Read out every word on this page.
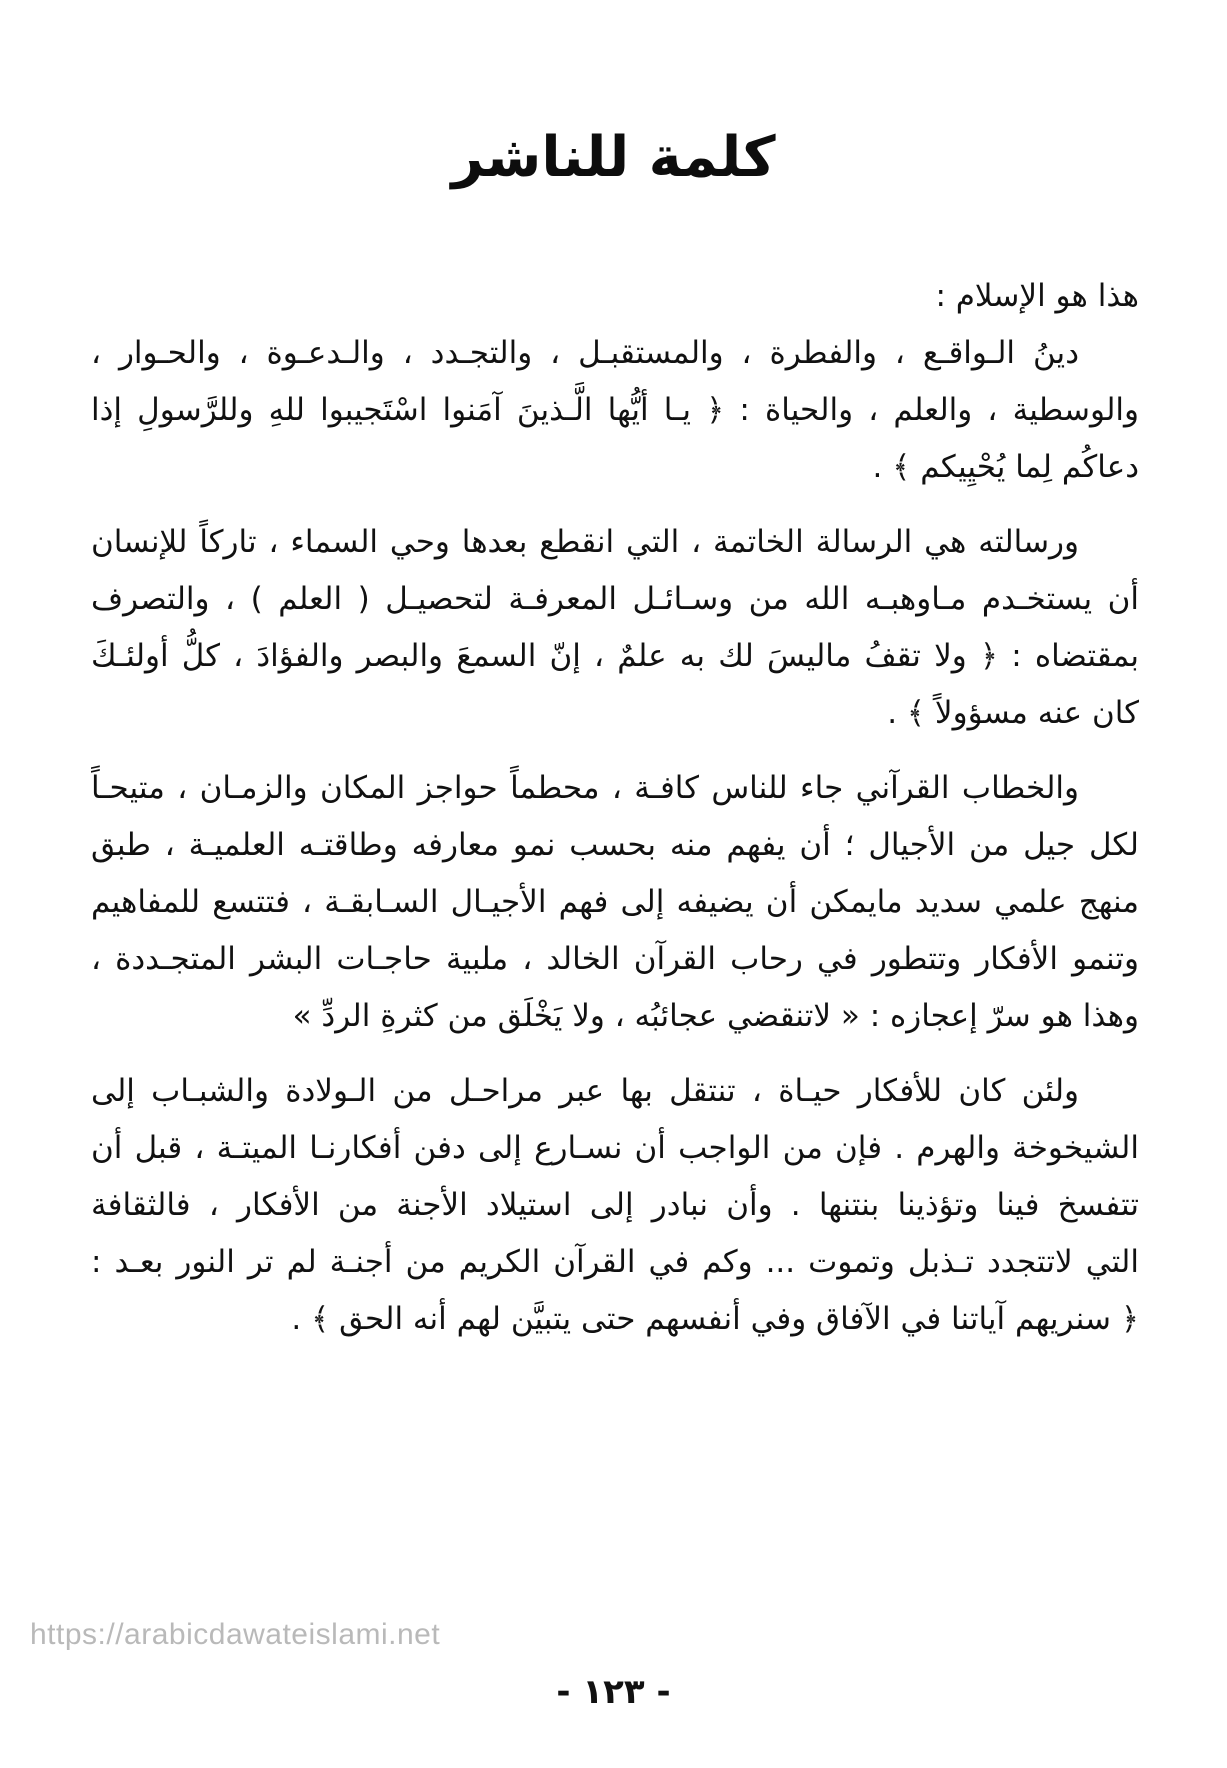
كلمة للناشر
هذا هو الإسلام :
دينُ الـواقـع ، والفطرة ، والمستقبـل ، والتجـدد ، والـدعـوة ، والحـوار ،
والوسطية ، والعلم ، والحياة : ﴿ يـا أيُّها الَّـذينَ آمَنوا اسْتَجيبوا للهِ وللرَّسولِ إذا
دعاكُم لِما يُحْيِيكم ﴾ .
ورسالته هي الرسالة الخاتمة ، التي انقطع بعدها وحي السماء ، تاركاً للإنسان
أن يستخـدم مـاوهبـه الله من وسـائـل المعرفـة لتحصيـل ( العلم ) ، والتصرف
بمقتضاه : ﴿ ولا تقفُ ماليسَ لك به علمٌ ، إنّ السمعَ والبصر والفؤادَ ، كلُّ أولئـكَ
كان عنه مسؤولاً ﴾ .
والخطاب القرآني جاء للناس كافـة ، محطماً حواجز المكان والزمـان ، متيحـاً
لكل جيل من الأجيال ؛ أن يفهم منه بحسب نمو معارفه وطاقتـه العلميـة ، طبق
منهج علمي سديد مايمكن أن يضيفه إلى فهم الأجيـال السـابقـة ، فتتسع للمفاهيم
وتنمو الأفكار وتتطور في رحاب القرآن الخالد ، ملبية حاجـات البشر المتجـددة ،
وهذا هو سرّ إعجازه : « لاتنقضي عجائبُه ، ولا يَخْلَق من كثرةِ الردِّ »
ولئن كان للأفكار حيـاة ، تنتقل بها عبر مراحـل من الـولادة والشبـاب إلى
الشيخوخة والهرم . فإن من الواجب أن نسـارع إلى دفن أفكارنـا الميتـة ، قبل أن
تتفسخ فينا وتؤذينا بنتنها . وأن نبادر إلى استيلاد الأجنة من الأفكار ، فالثقافة
التي لاتتجدد تـذبل وتموت ... وكم في القرآن الكريم من أجنـة لم تر النور بعـد :
﴿ سنريهم آياتنا في الآفاق وفي أنفسهم حتى يتبيَّن لهم أنه الحق ﴾ .
https://arabicdawateislami.net
- ١٢٣ -
